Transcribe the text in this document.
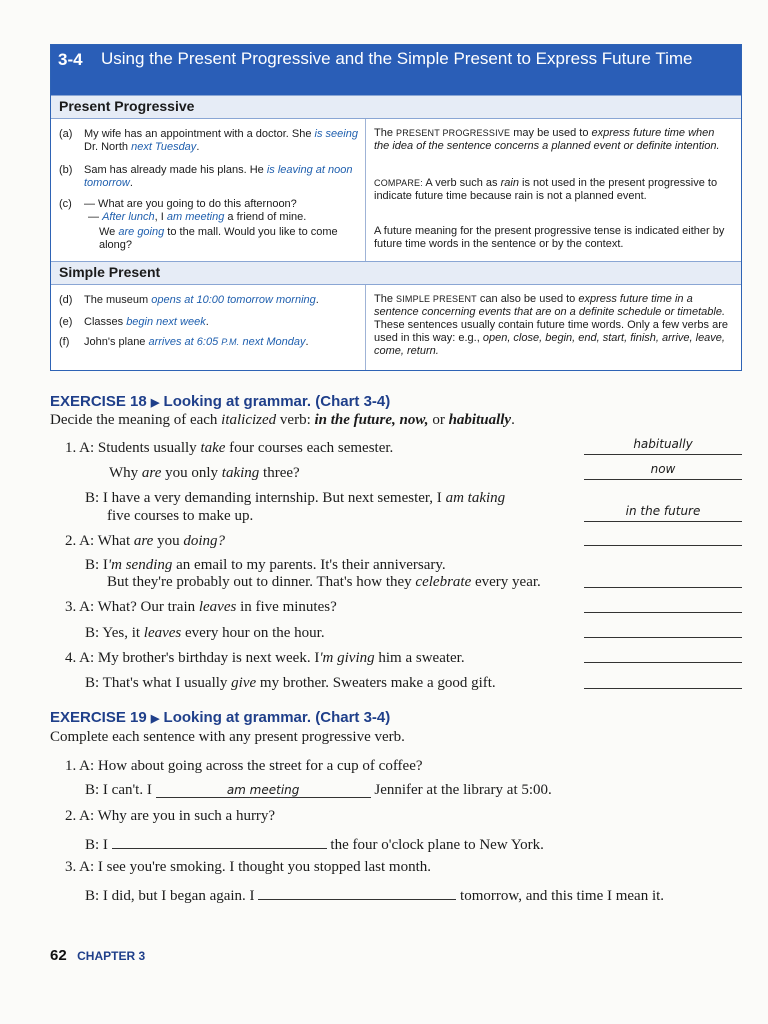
3-4 Using the Present Progressive and the Simple Present to Express Future Time
Present Progressive
(a) My wife has an appointment with a doctor. She is seeing Dr. North next Tuesday.
(b) Sam has already made his plans. He is leaving at noon tomorrow.
(c) — What are you going to do this afternoon?
— After lunch, I am meeting a friend of mine.
We are going to the mall. Would you like to come along?
The PRESENT PROGRESSIVE may be used to express future time when the idea of the sentence concerns a planned event or definite intention.
COMPARE: A verb such as rain is not used in the present progressive to indicate future time because rain is not a planned event.
A future meaning for the present progressive tense is indicated either by future time words in the sentence or by the context.
Simple Present
(d) The museum opens at 10:00 tomorrow morning.
(e) Classes begin next week.
(f) John's plane arrives at 6:05 P.M. next Monday.
The SIMPLE PRESENT can also be used to express future time in a sentence concerning events that are on a definite schedule or timetable. These sentences usually contain future time words. Only a few verbs are used in this way: e.g., open, close, begin, end, start, finish, arrive, leave, come, return.
EXERCISE 18 ▶ Looking at grammar. (Chart 3-4)
Decide the meaning of each italicized verb: in the future, now, or habitually.
1. A: Students usually take four courses each semester.	habitually
Why are you only taking three?	now
B: I have a very demanding internship. But next semester, I am taking
five courses to make up.	in the future
2. A: What are you doing?
B: I'm sending an email to my parents. It's their anniversary.
But they're probably out to dinner. That's how they celebrate every year.
3. A: What? Our train leaves in five minutes?
B: Yes, it leaves every hour on the hour.
4. A: My brother's birthday is next week. I'm giving him a sweater.
B: That's what I usually give my brother. Sweaters make a good gift.
EXERCISE 19 ▶ Looking at grammar. (Chart 3-4)
Complete each sentence with any present progressive verb.
1. A: How about going across the street for a cup of coffee?
B: I can't. I	am meeting	Jennifer at the library at 5:00.
2. A: Why are you in such a hurry?
B: I	the four o'clock plane to New York.
3. A: I see you're smoking. I thought you stopped last month.
B: I did, but I began again. I	tomorrow, and this time I mean it.
62 CHAPTER 3
